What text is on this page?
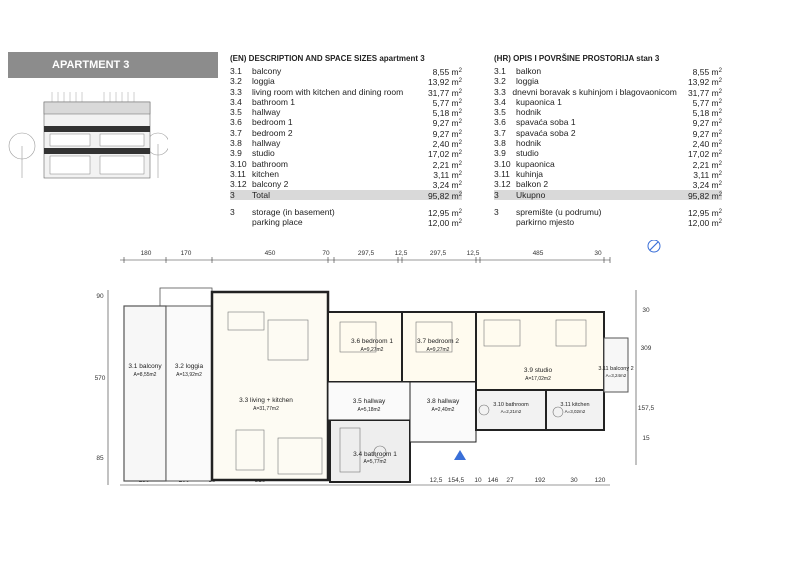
APARTMENT 3
(EN) DESCRIPTION AND SPACE SIZES apartment 3
3.1	balcony	8,55 $m^2$
3.2	loggia	13,92 $m^2$
3.3	living room with kitchen and dining room	31,77 $m^2$
3.4	bathroom 1	5,77 $m^2$
3.5	hallway	5,18 $m^2$
3.6	bedroom 1	9,27 $m^2$
3.7	bedroom 2	9,27 $m^2$
3.8	hallway	2,40 $m^2$
3.9	studio	17,02 $m^2$
3.10 bathroom	2,21 $m^2$
3.11 kitchen	3,11 $m^2$
3.12 balcony 2	3,24 $m^2$
3	Total	95,82 $m^2$
3	storage (in basement)	12,95 $m^2$
parking place	12,00 $m^2$
(HR) OPIS I POVRŠINE PROSTORIJA stan 3
3.1	balkon	8,55 $m^2$
3.2	loggia	13,92 $m^2$
3.3 dnevni boravak s kuhinjom i blagovaonicom	31,77 $m^2$
3.4	kupaonica 1	5,77 $m^2$
3.5	hodnik	5,18 $m^2$
3.6	spavaća soba 1	9,27 $m^2$
3.7	spavaća soba 2	9,27 $m^2$
3.8	hodnik	2,40 $m^2$
3.9	studio	17,02 $m^2$
3.10 kupaonica	2,21 $m^2$
3.11 kuhinja	3,11 $m^2$
3.12 balkon 2	3,24 $m^2$
3	Ukupno	95,82 $m^2$
3	spremište (u podrumu)	12,95 $m^2$
parkirno mjesto	12,00 $m^2$
180	170	450	70	297,5	12,5	297,5	12,5	485	30
12,5 154,5 10 146 27	192	30	120
90
570
85
30
309
157,5
15
3.1 balcony
A=8,55m2
3.2 loggia
A=13,92m2
3.3 living + kitchen
A=31,77m2
3.4 bathroom 1
A=5,77m2
3.5 hallway
A=5,18m2
3.6 bedroom 1
A=9,27m2
3.7 bedroom 2
A=9,27m2
3.8 hallway
A=2,40m2
3.9 studio
A=17,02m2
3.10 bathroom
A=2,21m2
3.11 kitchen
A=3,02m2
3.11 balcony 2
A=3,24m2
